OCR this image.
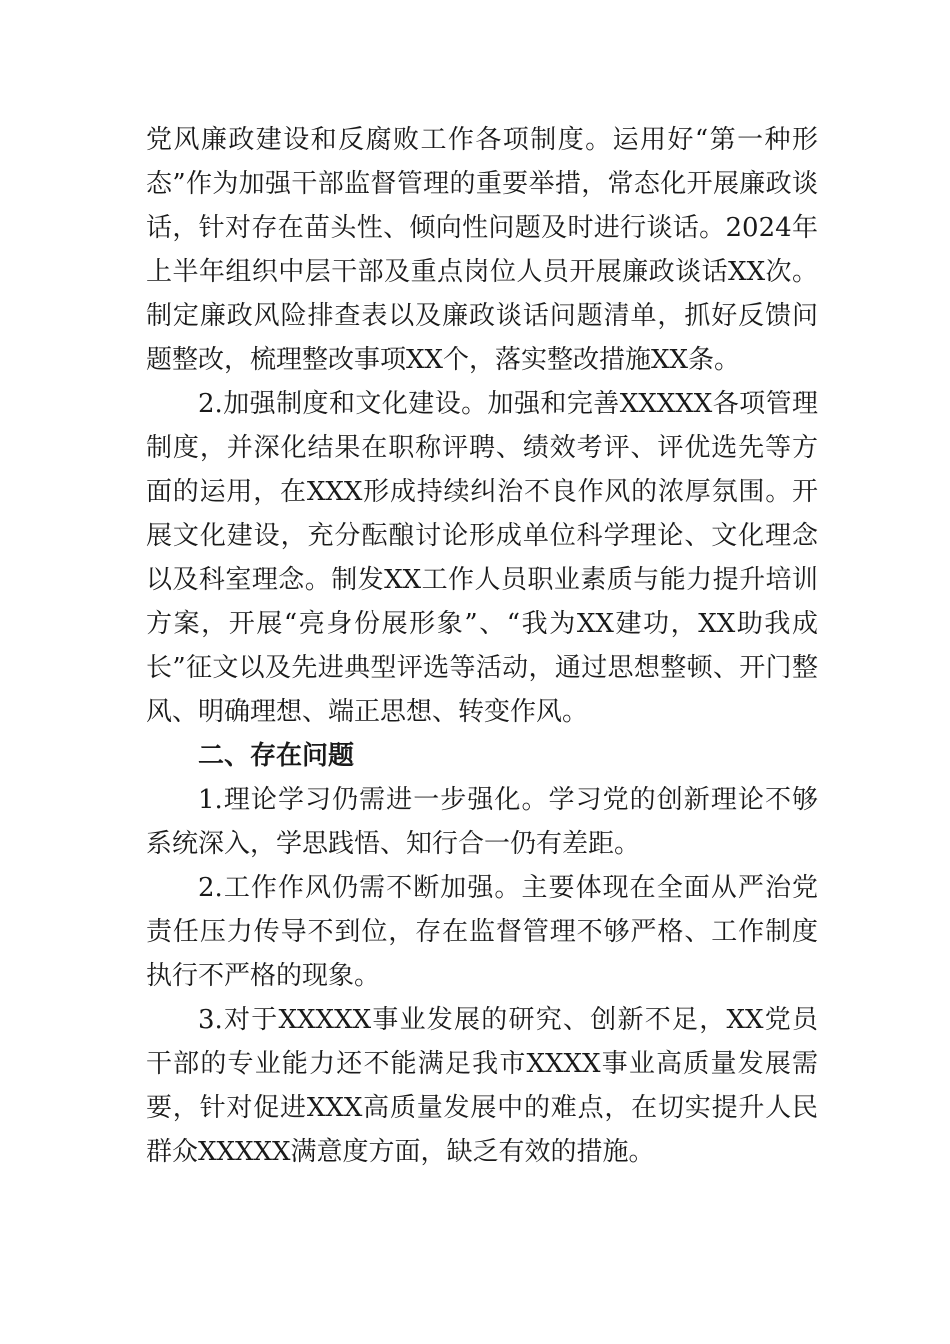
党风廉政建设和反腐败工作各项制度。运用好“第一种形态”作为加强干部监督管理的重要举措，常态化开展廉政谈话，针对存在苗头性、倾向性问题及时进行谈话。2024年上半年组织中层干部及重点岗位人员开展廉政谈话XX次。制定廉政风险排查表以及廉政谈话问题清单，抓好反馈问题整改，梳理整改事项XX个，落实整改措施XX条。

2.加强制度和文化建设。加强和完善XXXXX各项管理制度，并深化结果在职称评聘、绩效考评、评优选先等方面的运用，在XXX形成持续纠治不良作风的浓厚氛围。开展文化建设，充分酝酿讨论形成单位科学理论、文化理念以及科室理念。制发XX工作人员职业素质与能力提升培训方案，开展“亮身份展形象”、“我为XX建功，XX助我成长”征文以及先进典型评选等活动，通过思想整顿、开门整风、明确理想、端正思想、转变作风。

二、存在问题

1.理论学习仍需进一步强化。学习党的创新理论不够系统深入，学思践悟、知行合一仍有差距。

2.工作作风仍需不断加强。主要体现在全面从严治党责任压力传导不到位，存在监督管理不够严格、工作制度执行不严格的现象。

3.对于XXXXX事业发展的研究、创新不足，XX党员干部的专业能力还不能满足我市XXXX事业高质量发展需要，针对促进XXX高质量发展中的难点，在切实提升人民群众XXXXX满意度方面，缺乏有效的措施。
